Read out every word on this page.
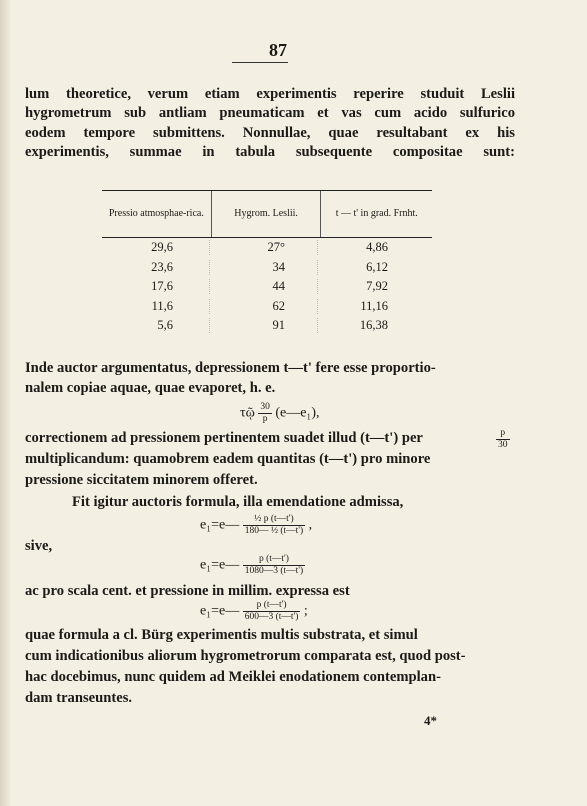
87
lum theoretice, verum etiam experimentis reperire studuit Leslii
hygrometrum sub antliam pneumaticam et vas cum acido sulfurico
eodem tempore submittens. Nonnullae, quae resultabant ex his
experimentis, summae in tabula subsequente compositae sunt:
Pressio atmosphae-rica.	Hygrom. Leslii.	t — t' in grad. Frnht.
29,6	27°	4,86
23,6	34	6,12
17,6	44	7,92
11,6	62	11,16
5,6	91	16,38
Inde auctor argumentatus, depressionem t—t' fere esse proportio-
nalem copiae aquae, quae evaporet, h. e.
τῷ $\frac{30}{p}$ (e—e₁),
correctionem ad pressionem pertinentem suadet illud (t—t') per	$\frac{p}{30}$
multiplicandum: quamobrem eadem quantitas (t—t') pro minore
pressione siccitatem minorem offeret.
Fit igitur auctoris formula, illa emendatione admissa,
e₁=e— $\frac{\text{½ p (t—t')}}{\text{180— ½ (t—t')}}$ ,
sive,
e₁=e— $\frac{p (t—t')}{1080—3 (t—t')}$
ac pro scala cent. et pressione in millim. expressa est
e₁=e— $\frac{p (t—t')}{600—3 (t—t')}$ ;
quae formula a cl. Bürg experimentis multis substrata, et simul
cum indicationibus aliorum hygrometrorum comparata est, quod post-
hac docebimus, nunc quidem ad Meiklei enodationem contemplan-
dam transeuntes.
4*
